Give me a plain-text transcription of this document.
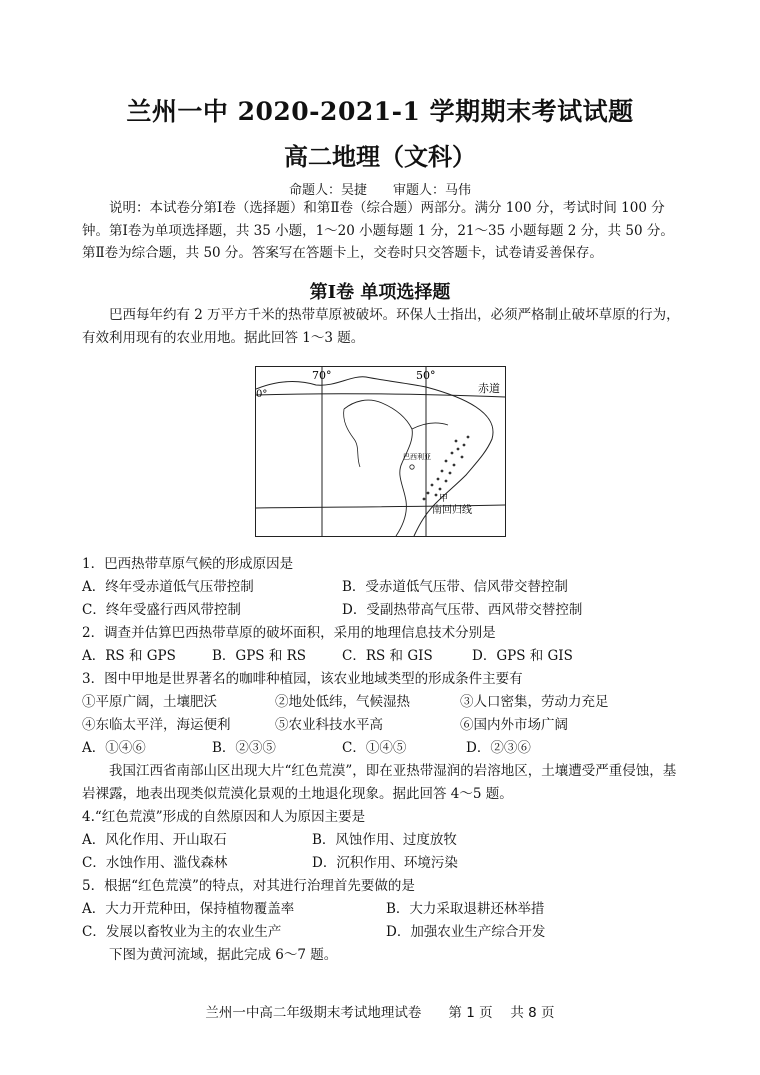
兰州一中 2020-2021-1 学期期末考试试题
高二地理（文科）
命题人：吴捷　　审题人：马伟
说明：本试卷分第Ⅰ卷（选择题）和第Ⅱ卷（综合题）两部分。满分 100 分，考试时间 100 分钟。第Ⅰ卷为单项选择题，共 35 小题，1～20 小题每题 1 分，21～35 小题每题 2 分，共 50 分。第Ⅱ卷为综合题，共 50 分。答案写在答题卡上，交卷时只交答题卡，试卷请妥善保存。
第Ⅰ卷 单项选择题
巴西每年约有 2 万平方千米的热带草原被破坏。环保人士指出，必须严格制止破坏草原的行为，有效利用现有的农业用地。据此回答 1～3 题。
70°	50°
0°	赤道
南回归线
巴西利亚
甲
1．巴西热带草原气候的形成原因是
A．终年受赤道低气压带控制	B．受赤道低气压带、信风带交替控制
C．终年受盛行西风带控制	D．受副热带高气压带、西风带交替控制
2．调查并估算巴西热带草原的破坏面积，采用的地理信息技术分别是
A．RS 和 GPS	B．GPS 和 RS	C．RS 和 GIS	D．GPS 和 GIS
3．图中甲地是世界著名的咖啡种植园，该农业地域类型的形成条件主要有
①平原广阔，土壤肥沃	②地处低纬，气候湿热	③人口密集，劳动力充足
④东临太平洋，海运便利	⑤农业科技水平高	⑥国内外市场广阔
A．①④⑥	B．②③⑤	C．①④⑤	D．②③⑥
我国江西省南部山区出现大片“红色荒漠”，即在亚热带湿润的岩溶地区，土壤遭受严重侵蚀，基岩裸露，地表出现类似荒漠化景观的土地退化现象。据此回答 4～5 题。
4.“红色荒漠”形成的自然原因和人为原因主要是
A．风化作用、开山取石	B．风蚀作用、过度放牧
C．水蚀作用、滥伐森林	D．沉积作用、环境污染
5．根据“红色荒漠”的特点，对其进行治理首先要做的是
A．大力开荒种田，保持植物覆盖率	B．大力采取退耕还林举措
C．发展以畜牧业为主的农业生产	D．加强农业生产综合开发
下图为黄河流域，据此完成 6～7 题。
兰州一中高二年级期末考试地理试卷　　第 1 页　 共 8 页
